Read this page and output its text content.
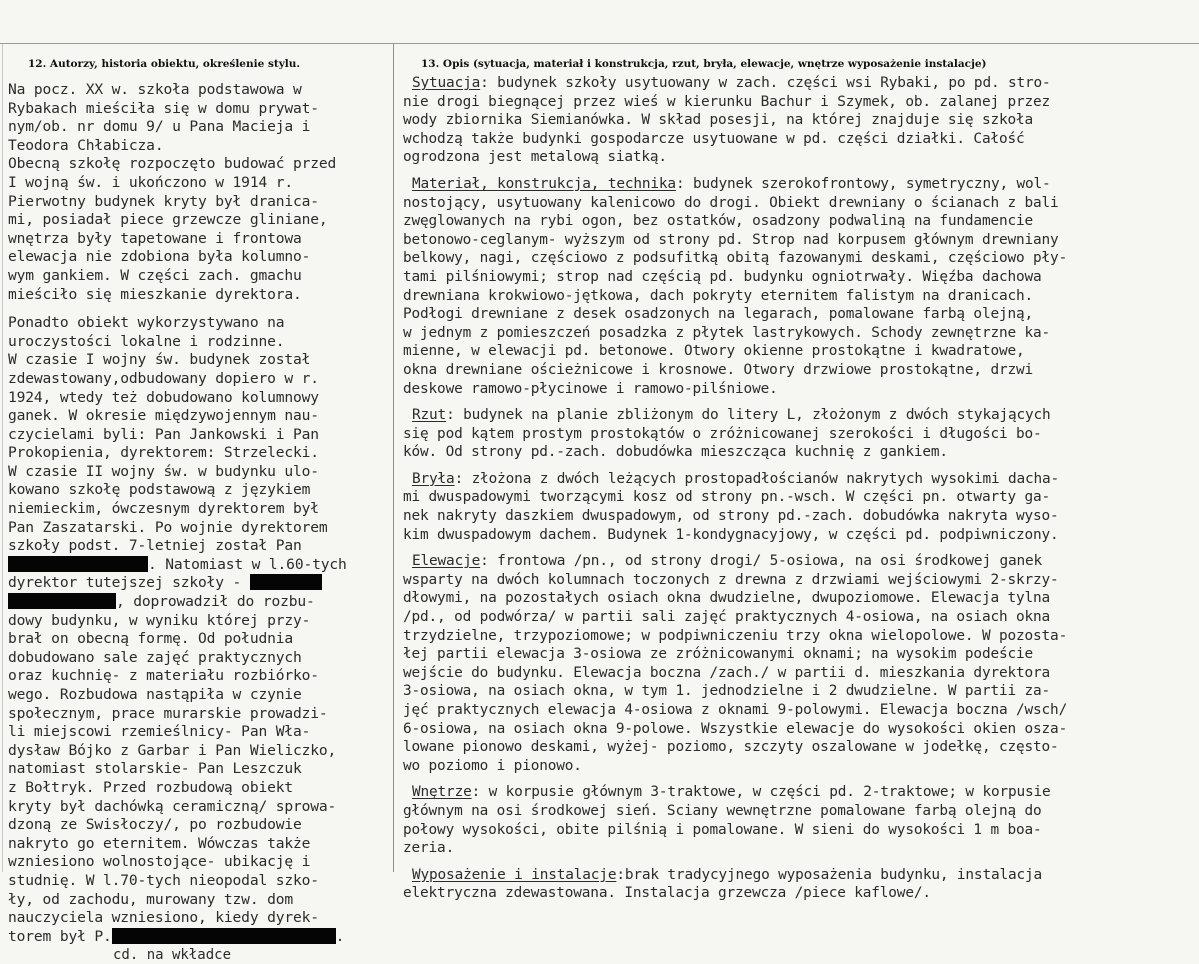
12. Autorzy, historia obiektu, określenie stylu.	13. Opis (sytuacja, materiał i konstrukcja, rzut, bryła, elewacje, wnętrze wyposażenie instalacje)
Na pocz. XX w. szkoła podstawowa w
Rybakach mieściła się w domu prywat-
nym/ob. nr domu 9/ u Pana Macieja i
Teodora Chłabicza.
Obecną szkołę rozpoczęto budować przed
I wojną św. i ukończono w 1914 r.
Pierwotny budynek kryty był dranica-
mi, posiadał piece grzewcze gliniane,
wnętrza były tapetowane i frontowa
elewacja nie zdobiona była kolumno-
wym gankiem. W części zach. gmachu
mieściło się mieszkanie dyrektora.
Ponadto obiekt wykorzystywano na
uroczystości lokalne i rodzinne.
W czasie I wojny św. budynek został
zdewastowany,odbudowany dopiero w r.
1924, wtedy też dobudowano kolumnowy
ganek. W okresie międzywojennym nau-
czycielami byli: Pan Jankowski i Pan
Prokopienia, dyrektorem: Strzelecki.
W czasie II wojny św. w budynku ulo-
kowano szkołę podstawową z językiem
niemieckim, ówczesnym dyrektorem był
Pan Zaszatarski. Po wojnie dyrektorem
szkoły podst. 7-letniej został Pan
. Natomiast w l.60-tych
dyrektor tutejszej szkoły -
, doprowadził do rozbu-
dowy budynku, w wyniku której przy-
brał on obecną formę. Od południa
dobudowano sale zajęć praktycznych
oraz kuchnię- z materiału rozbiórko-
wego. Rozbudowa nastąpiła w czynie
społecznym, prace murarskie prowadzi-
li miejscowi rzemieślnicy- Pan Wła-
dysław Bójko z Garbar i Pan Wieliczko,
natomiast stolarskie- Pan Leszczuk
z Bołtryk. Przed rozbudową obiekt
kryty był dachówką ceramiczną/ sprowa-
dzoną ze Swisłoczy/, po rozbudowie
nakryto go eternitem. Wówczas także
wzniesiono wolnostojące- ubikację i
studnię. W l.70-tych nieopodal szko-
ły, od zachodu, murowany tzw. dom
nauczyciela wzniesiono, kiedy dyrek-
torem był P.	.
cd. na wkładce
Sytuacja: budynek szkoły usytuowany w zach. części wsi Rybaki, po pd. stro-
nie drogi biegnącej przez wieś w kierunku Bachur i Szymek, ob. zalanej przez
wody zbiornika Siemianówka. W skład posesji, na której znajduje się szkoła
wchodzą także budynki gospodarcze usytuowane w pd. części działki. Całość
ogrodzona jest metalową siatką.
Materiał, konstrukcja, technika: budynek szerokofrontowy, symetryczny, wol-
nostojący, usytuowany kalenicowo do drogi. Obiekt drewniany o ścianach z bali
zwęglowanych na rybi ogon, bez ostatków, osadzony podwaliną na fundamencie
betonowo-ceglanym- wyższym od strony pd. Strop nad korpusem głównym drewniany
belkowy, nagi, częściowo z podsufitką obitą fazowanymi deskami, częściowo pły-
tami pilśniowymi; strop nad częścią pd. budynku ogniotrwały. Więźba dachowa
drewniana krokwiowo-jętkowa, dach pokryty eternitem falistym na dranicach.
Podłogi drewniane z desek osadzonych na legarach, pomalowane farbą olejną,
w jednym z pomieszczeń posadzka z płytek lastrykowych. Schody zewnętrzne ka-
mienne, w elewacji pd. betonowe. Otwory okienne prostokątne i kwadratowe,
okna drewniane ościeżnicowe i krosnowe. Otwory drzwiowe prostokątne, drzwi
deskowe ramowo-płycinowe i ramowo-pilśniowe.
Rzut: budynek na planie zbliżonym do litery L, złożonym z dwóch stykających
się pod kątem prostym prostokątów o zróżnicowanej szerokości i długości bo-
ków. Od strony pd.-zach. dobudówka mieszcząca kuchnię z gankiem.
Bryła: złożona z dwóch leżących prostopadłościanów nakrytych wysokimi dacha-
mi dwuspadowymi tworzącymi kosz od strony pn.-wsch. W części pn. otwarty ga-
nek nakryty daszkiem dwuspadowym, od strony pd.-zach. dobudówka nakryta wyso-
kim dwuspadowym dachem. Budynek 1-kondygnacyjowy, w części pd. podpiwniczony.
Elewacje: frontowa /pn., od strony drogi/ 5-osiowa, na osi środkowej ganek
wsparty na dwóch kolumnach toczonych z drewna z drzwiami wejściowymi 2-skrzy-
dłowymi, na pozostałych osiach okna dwudzielne, dwupoziomowe. Elewacja tylna
/pd., od podwórza/ w partii sali zajęć praktycznych 4-osiowa, na osiach okna
trzydzielne, trzypoziomowe; w podpiwniczeniu trzy okna wielopolowe. W pozosta-
łej partii elewacja 3-osiowa ze zróżnicowanymi oknami; na wysokim podeście
wejście do budynku. Elewacja boczna /zach./ w partii d. mieszkania dyrektora
3-osiowa, na osiach okna, w tym 1. jednodzielne i 2 dwudzielne. W partii za-
jęć praktycznych elewacja 4-osiowa z oknami 9-polowymi. Elewacja boczna /wsch/
6-osiowa, na osiach okna 9-polowe. Wszystkie elewacje do wysokości okien osza-
lowane pionowo deskami, wyżej- poziomo, szczyty oszalowane w jodełkę, często-
wo poziomo i pionowo.
Wnętrze: w korpusie głównym 3-traktowe, w części pd. 2-traktowe; w korpusie
głównym na osi środkowej sień. Sciany wewnętrzne pomalowane farbą olejną do
połowy wysokości, obite pilśnią i pomalowane. W sieni do wysokości 1 m boa-
zeria.
Wyposażenie i instalacje:brak tradycyjnego wyposażenia budynku, instalacja
elektryczna zdewastowana. Instalacja grzewcza /piece kaflowe/.
